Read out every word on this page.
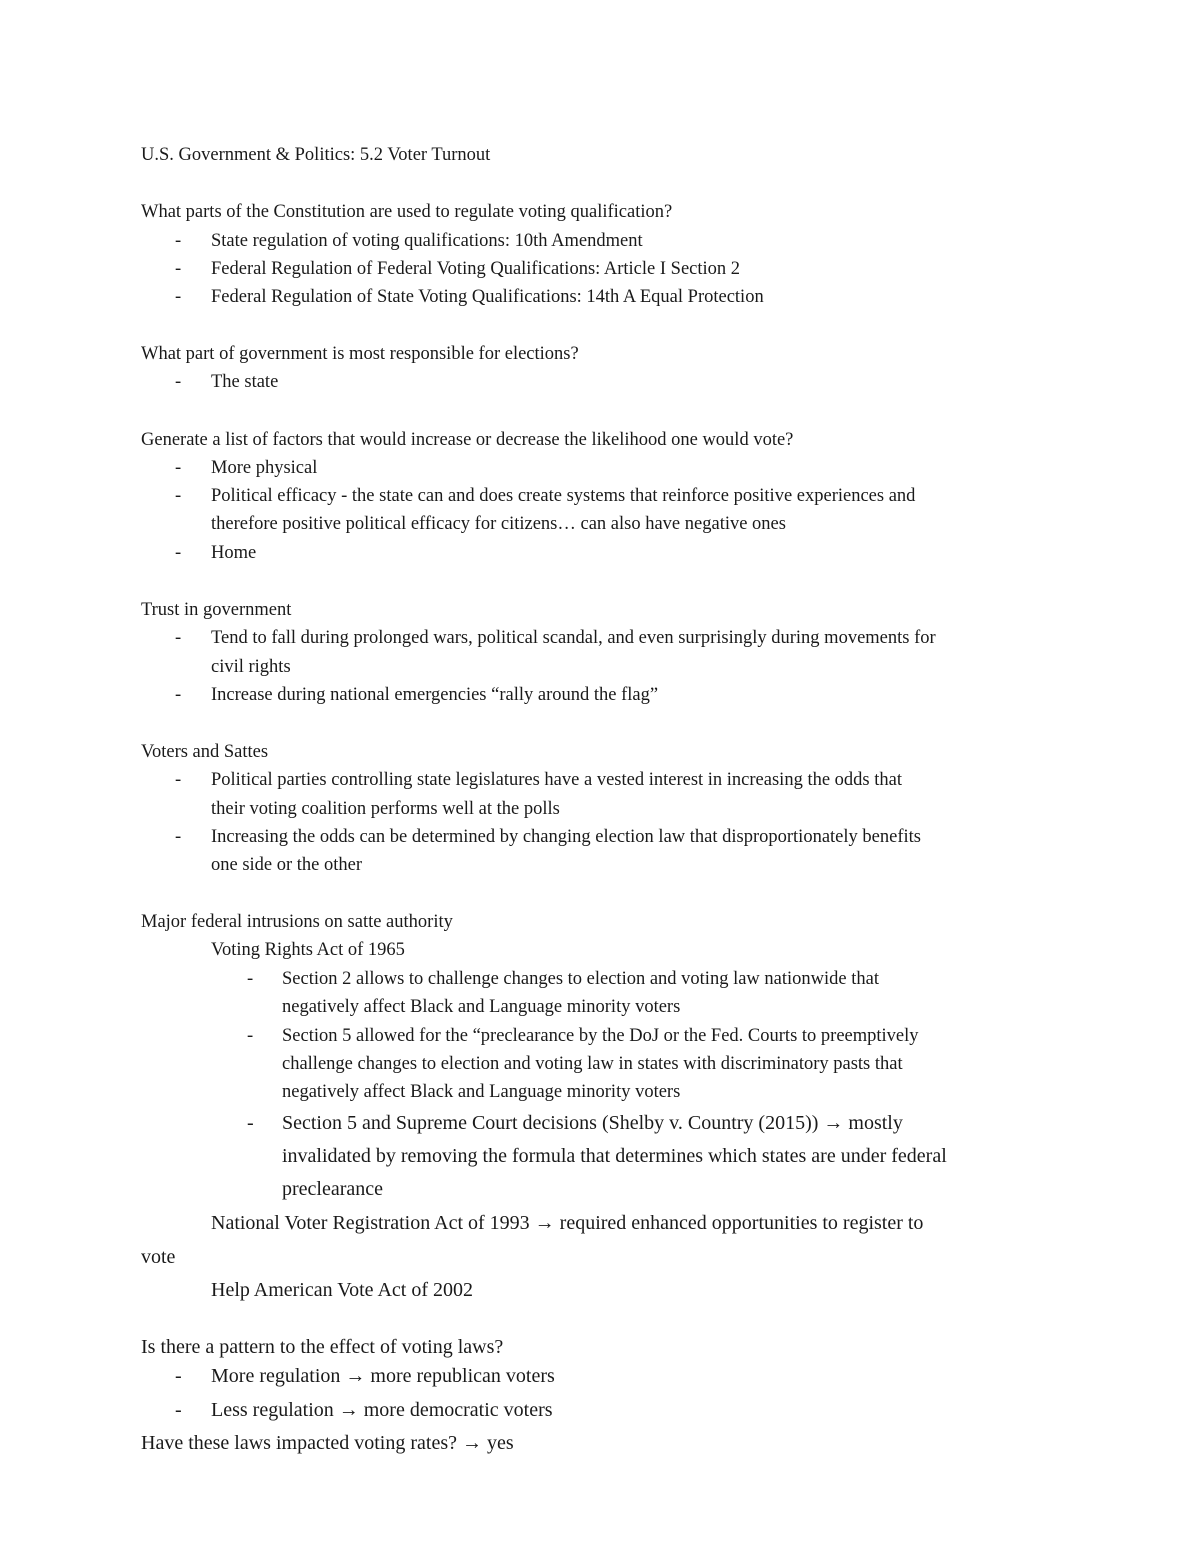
U.S. Government & Politics: 5.2 Voter Turnout
What parts of the Constitution are used to regulate voting qualification?
- State regulation of voting qualifications: 10th Amendment
- Federal Regulation of Federal Voting Qualifications: Article I Section 2
- Federal Regulation of State Voting Qualifications: 14th A Equal Protection
What part of government is most responsible for elections?
- The state
Generate a list of factors that would increase or decrease the likelihood one would vote?
- More physical
- Political efficacy - the state can and does create systems that reinforce positive experiences and
therefore positive political efficacy for citizens… can also have negative ones
- Home
Trust in government
- Tend to fall during prolonged wars, political scandal, and even surprisingly during movements for
civil rights
- Increase during national emergencies “rally around the flag”
Voters and Sattes
- Political parties controlling state legislatures have a vested interest in increasing the odds that
their voting coalition performs well at the polls
- Increasing the odds can be determined by changing election law that disproportionately benefits
one side or the other
Major federal intrusions on satte authority
Voting Rights Act of 1965
- Section 2 allows to challenge changes to election and voting law nationwide that
negatively affect Black and Language minority voters
- Section 5 allowed for the “preclearance by the DoJ or the Fed. Courts to preemptively
challenge changes to election and voting law in states with discriminatory pasts that
negatively affect Black and Language minority voters
- Section 5 and Supreme Court decisions (Shelby v. Country (2015)) → mostly
invalidated by removing the formula that determines which states are under federal
preclearance
National Voter Registration Act of 1993 → required enhanced opportunities to register to
vote
Help American Vote Act of 2002
Is there a pattern to the effect of voting laws?
- More regulation → more republican voters
- Less regulation → more democratic voters
Have these laws impacted voting rates? → yes
